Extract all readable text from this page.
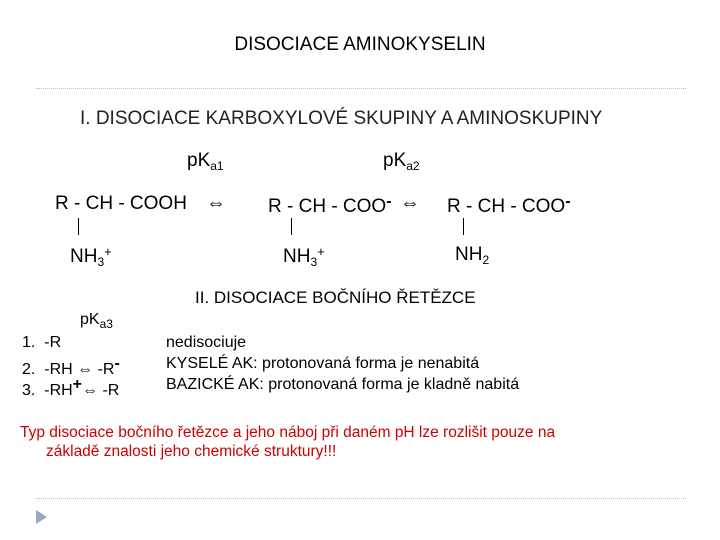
DISOCIACE AMINOKYSELIN
I. DISOCIACE KARBOXYLOVÉ SKUPINY A AMINOSKUPINY
$pK_{a1}$	$pK_{a2}$
R - CH - COOH
$NH_3^+$
⇔ R - CH - COO-
$NH_3^+$
⇔ R - CH - COO-
$NH_2$
II. DISOCIACE BOČNÍHO ŘETĚZCE
$pK_{a3}$
1. -R
2. -RH ⇔ -R-
3. -RH+⇔ -R
nedisociuje
KYSELÉ AK: protonovaná forma je nenabitá
BAZICKÉ AK: protonovaná forma je kladně nabitá
Typ disociace bočního řetězce a jeho náboj při daném pH lze rozlišit pouze na
základě znalosti jeho chemické struktury!!!
